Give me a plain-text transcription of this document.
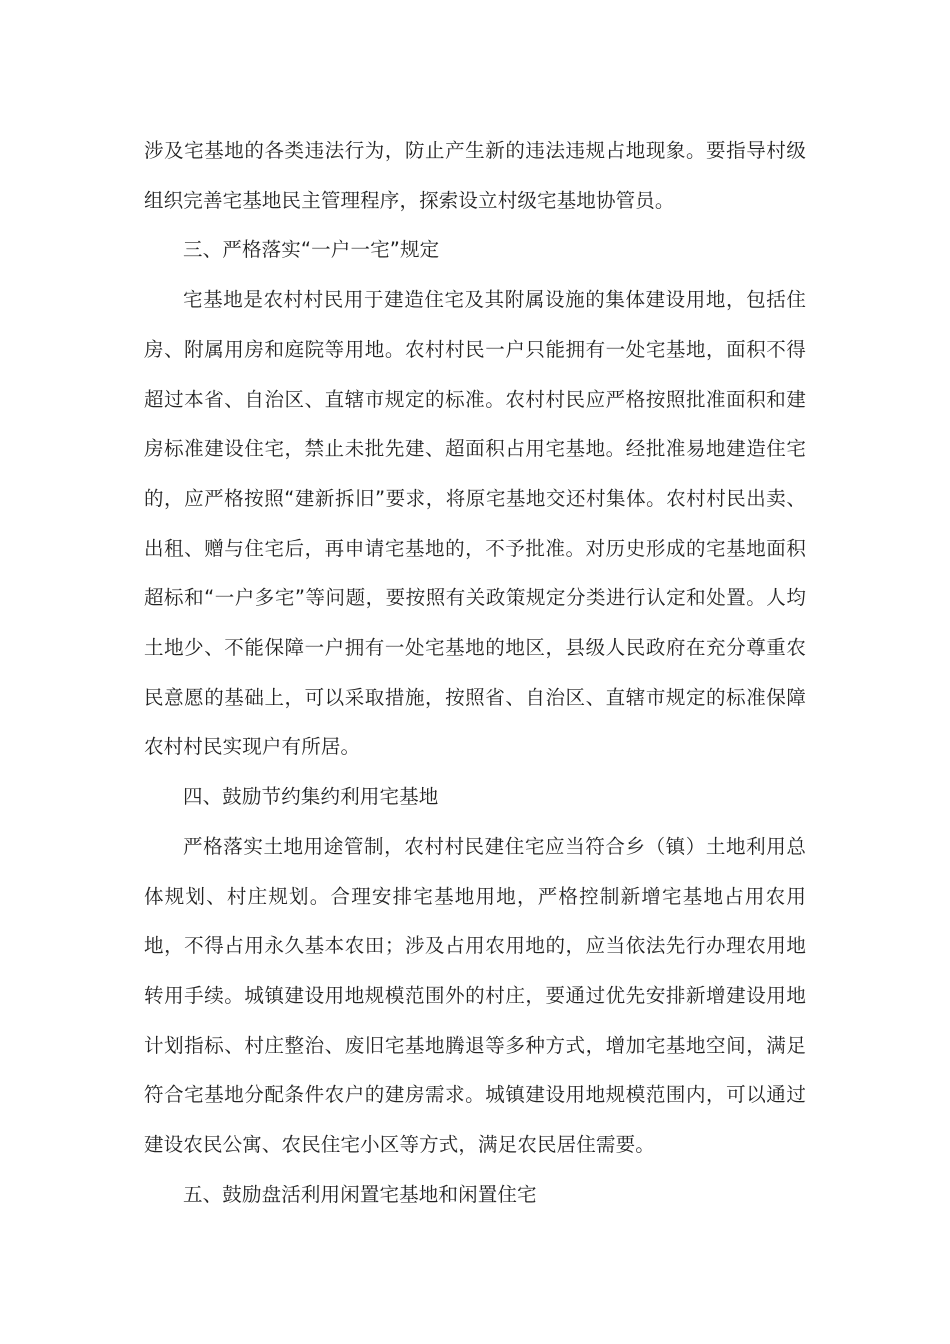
涉及宅基地的各类违法行为，防止产生新的违法违规占地现象。要指导村级组织完善宅基地民主管理程序，探索设立村级宅基地协管员。

三、严格落实“一户一宅”规定

宅基地是农村村民用于建造住宅及其附属设施的集体建设用地，包括住房、附属用房和庭院等用地。农村村民一户只能拥有一处宅基地，面积不得超过本省、自治区、直辖市规定的标准。农村村民应严格按照批准面积和建房标准建设住宅，禁止未批先建、超面积占用宅基地。经批准易地建造住宅的，应严格按照“建新拆旧”要求，将原宅基地交还村集体。农村村民出卖、出租、赠与住宅后，再申请宅基地的，不予批准。对历史形成的宅基地面积超标和“一户多宅”等问题，要按照有关政策规定分类进行认定和处置。人均土地少、不能保障一户拥有一处宅基地的地区，县级人民政府在充分尊重农民意愿的基础上，可以采取措施，按照省、自治区、直辖市规定的标准保障农村村民实现户有所居。

四、鼓励节约集约利用宅基地

严格落实土地用途管制，农村村民建住宅应当符合乡（镇）土地利用总体规划、村庄规划。合理安排宅基地用地，严格控制新增宅基地占用农用地，不得占用永久基本农田；涉及占用农用地的，应当依法先行办理农用地转用手续。城镇建设用地规模范围外的村庄，要通过优先安排新增建设用地计划指标、村庄整治、废旧宅基地腾退等多种方式，增加宅基地空间，满足符合宅基地分配条件农户的建房需求。城镇建设用地规模范围内，可以通过建设农民公寓、农民住宅小区等方式，满足农民居住需要。

五、鼓励盘活利用闲置宅基地和闲置住宅
